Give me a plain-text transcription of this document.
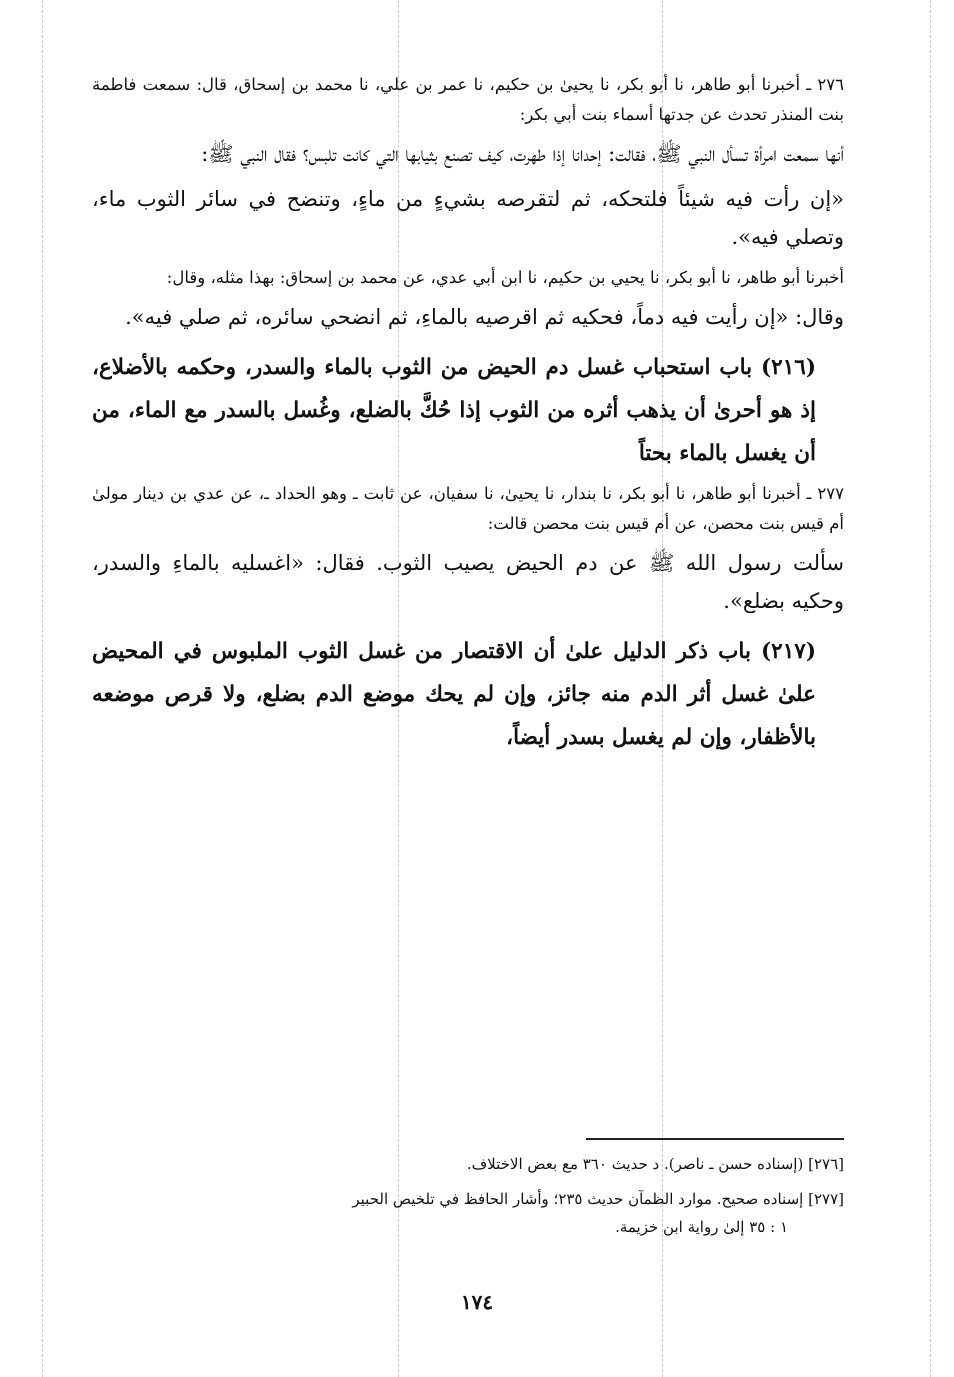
٢٧٦ ـ أخبرنا أبو طاهر، نا أبو بكر، نا يحيىٰ بن حكيم، نا عمر بن علي، نا محمد بن إسحاق، قال: سمعت فاطمة بنت المنذر تحدث عن جدتها أسماء بنت أبي بكر:

أنها سمعت امرأة تسأل النبي ﷺ، فقالت: إحدانا إذا طهرت، كيف تصنع بثيابها التي كانت تلبس؟ فقال النبي ﷺ:

«إن رأت فيه شيئاً فلتحكه، ثم لتقرصه بشيءٍ من ماءٍ، وتنضح في سائر الثوب ماء، وتصلي فيه».

أخبرنا أبو طاهر، نا أبو بكر، نا يحيي بن حكيم، نا ابن أبي عدي، عن محمد بن إسحاق: بهذا مثله، وقال:

وقال: «إن رأيت فيه دماً، فحكيه ثم اقرصيه بالماءِ، ثم انضحي سائره، ثم صلي فيه».

(٢١٦) باب استحباب غسل دم الحيض من الثوب بالماء والسدر، وحكمه بالأضلاع، إذ هو أحرىٰ أن يذهب أثره من الثوب إذا حُكَّ بالضلع، وغُسل بالسدر مع الماء، من أن يغسل بالماء بحتاً

٢٧٧ ـ أخبرنا أبو طاهر، نا أبو بكر، نا بندار، نا يحيىٰ، نا سفيان، عن ثابت ـ وهو الحداد ـ، عن عدي بن دينار مولىٰ أم قيس بنت محصن، عن أم قيس بنت محصن قالت:

سألت رسول الله ﷺ عن دم الحيض يصيب الثوب. فقال: «اغسليه بالماءِ والسدر، وحكيه بضلع».

(٢١٧) باب ذكر الدليل علىٰ أن الاقتصار من غسل الثوب الملبوس في المحيض علىٰ غسل أثر الدم منه جائز، وإن لم يحك موضع الدم بضلع، ولا قرص موضعه بالأظفار، وإن لم يغسل بسدر أيضاً،

[٢٧٦] (إسناده حسن ـ ناصر). د حديث ٣٦٠ مع بعض الاختلاف.

[٢٧٧] إسناده صحيح. موارد الظمآن حديث ٢٣٥؛ وأشار الحافظ في تلخيص الحبير
١ : ٣٥ إلىٰ رواية ابن خزيمة.

١٧٤
